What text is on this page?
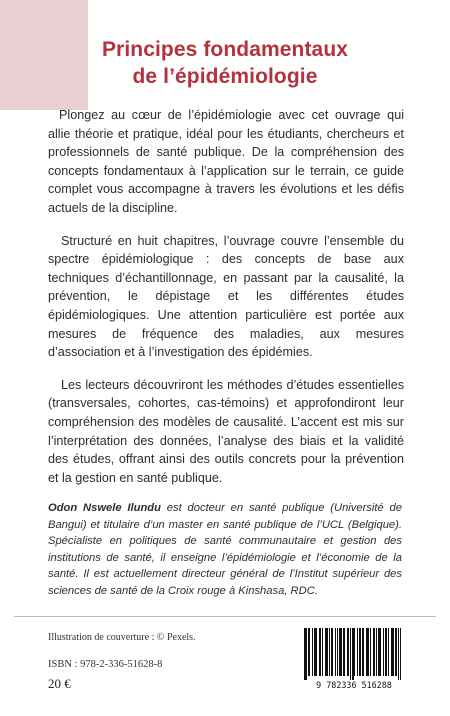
Principes fondamentaux
de l’épidémiologie

Plongez au cœur de l’épidémiologie avec cet ouvrage qui allie théorie et pratique, idéal pour les étudiants, chercheurs et professionnels de santé publique. De la compréhension des concepts fondamentaux à l’application sur le terrain, ce guide complet vous accompagne à travers les évolutions et les défis actuels de la discipline.

Structuré en huit chapitres, l’ouvrage couvre l’ensemble du spectre épidémiologique : des concepts de base aux techniques d’échantillonnage, en passant par la causalité, la prévention, le dépistage et les différentes études épidémiologiques. Une attention particulière est portée aux mesures de fréquence des maladies, aux mesures d’association et à l’investigation des épidémies.

Les lecteurs découvriront les méthodes d’études essentielles (transversales, cohortes, cas-témoins) et approfondiront leur compréhension des modèles de causalité. L’accent est mis sur l’interprétation des données, l’analyse des biais et la validité des études, offrant ainsi des outils concrets pour la prévention et la gestion en santé publique.

Odon Nswele Ilundu est docteur en santé publique (Université de Bangui) et titulaire d’un master en santé publique de l’UCL (Belgique). Spécialiste en politiques de santé communautaire et gestion des institutions de santé, il enseigne l’épidémiologie et l’économie de la santé. Il est actuellement directeur général de l’Institut supérieur des sciences de santé de la Croix rouge à Kinshasa, RDC.
Illustration de couverture : © Pexels.
ISBN : 978-2-336-51628-8
20 €	9 782336 516288
